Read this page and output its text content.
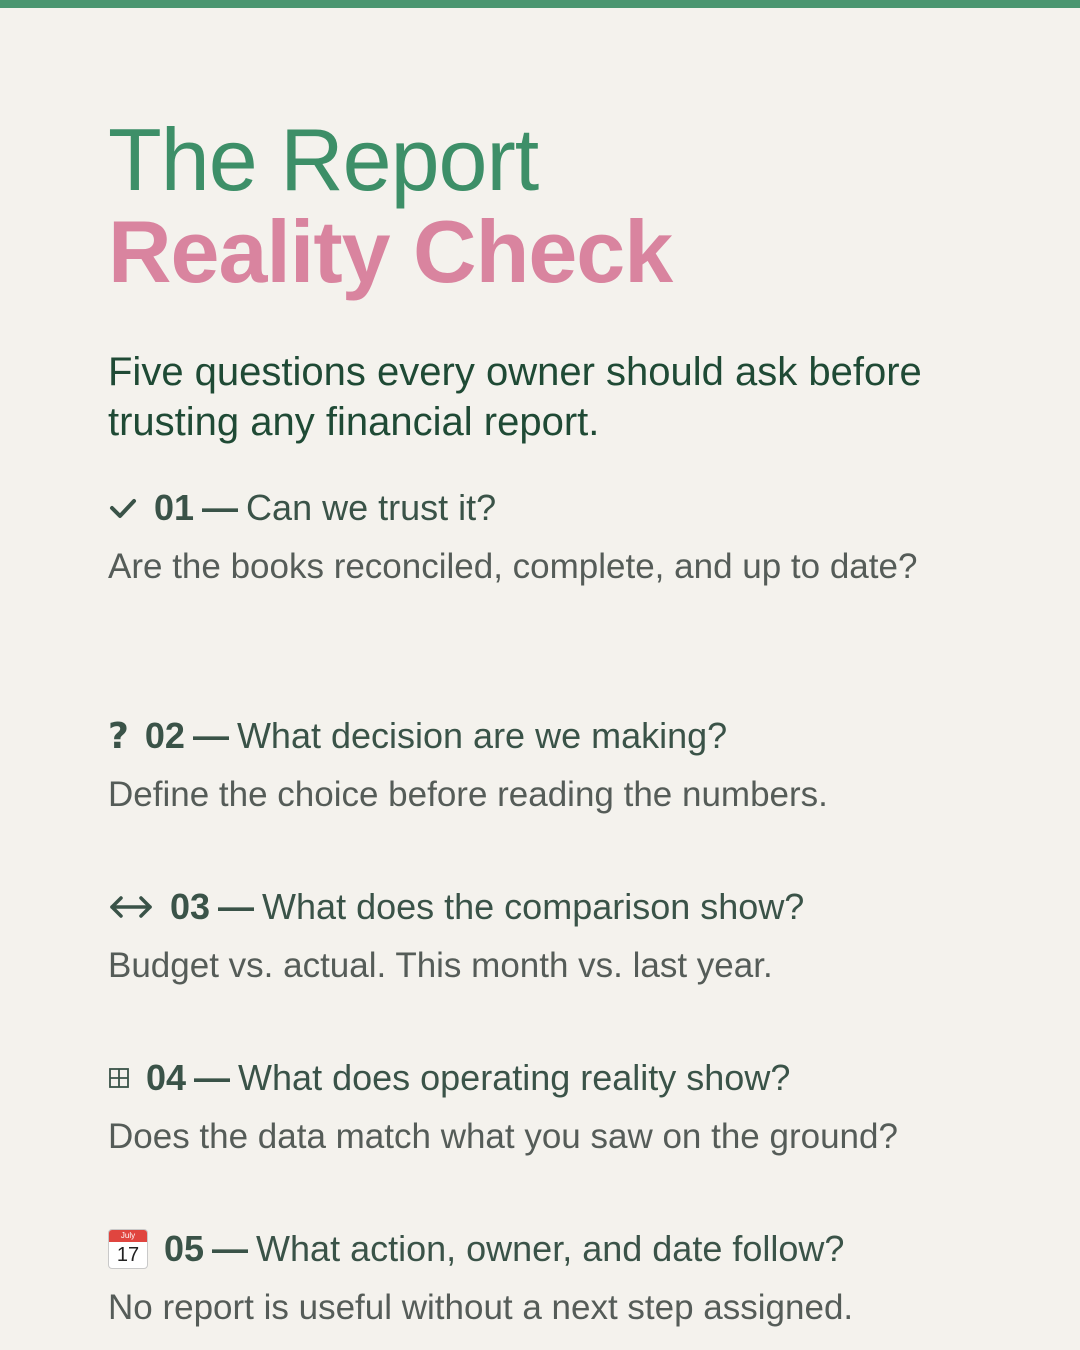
The Report
Reality Check
Five questions every owner should ask before trusting any financial report.
01 — Can we trust it?
Are the books reconciled, complete, and up to date?
? 02 — What decision are we making?
Define the choice before reading the numbers.
03 — What does the comparison show?
Budget vs. actual. This month vs. last year.
04 — What does operating reality show?
Does the data match what you saw on the ground?
July
17 05 — What action, owner, and date follow?
No report is useful without a next step assigned.
